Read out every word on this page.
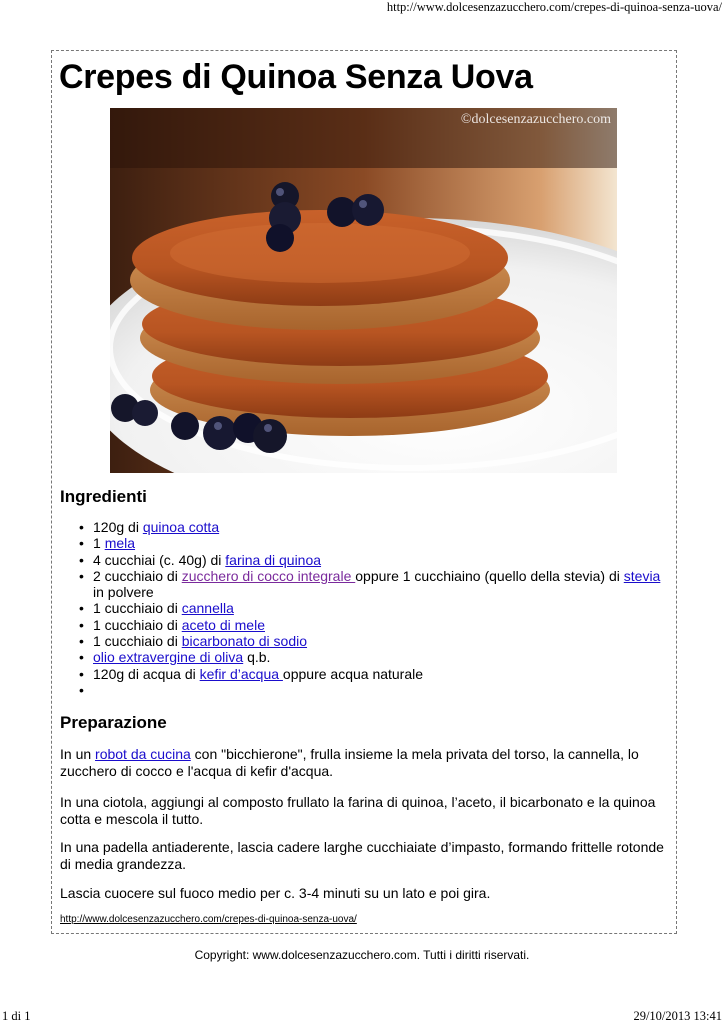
http://www.dolcesenzazucchero.com/crepes-di-quinoa-senza-uova/
Crepes di Quinoa Senza Uova
©dolcesenzazucchero.com
Ingredienti
• 120g di quinoa cotta
• 1 mela
• 4 cucchiai (c. 40g) di farina di quinoa
• 2 cucchiaio di zucchero di cocco integrale oppure 1 cucchiaino (quello della stevia) di stevia in polvere
• 1 cucchiaio di cannella
• 1 cucchiaio di aceto di mele
• 1 cucchiaio di bicarbonato di sodio
• olio extravergine di oliva q.b.
• 120g di acqua di kefir d’acqua oppure acqua naturale
•
Preparazione

In un robot da cucina con "bicchierone", frulla insieme la mela privata del torso, la cannella, lo zucchero di cocco e l'acqua di kefir d'acqua.

In una ciotola, aggiungi al composto frullato la farina di quinoa, l’aceto, il bicarbonato e la quinoa cotta e mescola il tutto.

In una padella antiaderente, lascia cadere larghe cucchiaiate d’impasto, formando frittelle rotonde di media grandezza.

Lascia cuocere sul fuoco medio per c. 3-4 minuti su un lato e poi gira.

http://www.dolcesenzazucchero.com/crepes-di-quinoa-senza-uova/
Copyright: www.dolcesenzazucchero.com. Tutti i diritti riservati.
1 di 1	29/10/2013 13:41
